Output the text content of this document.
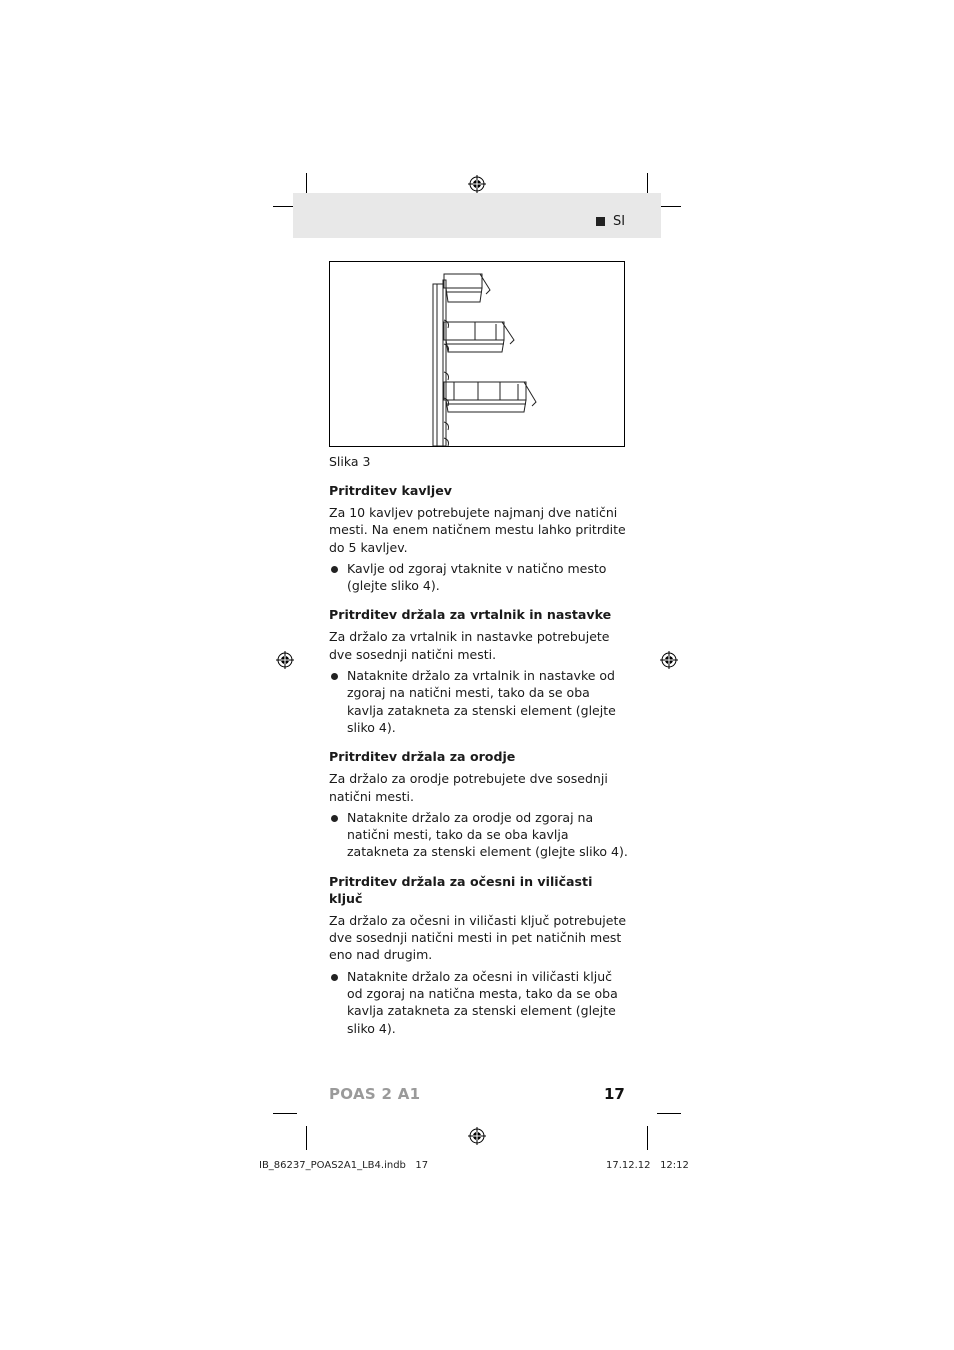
SI
Slika 3
Pritrditev kavljev

Za 10 kavljev potrebujete najmanj dve natični mesti. Na enem natičnem mestu lahko pritrdite do 5 kavljev.

Kavlje od zgoraj vtaknite v natično mesto (glejte sliko 4).
Pritrditev držala za vrtalnik in nastavke

Za držalo za vrtalnik in nastavke potrebujete dve sosednji natični mesti.

Nataknite držalo za vrtalnik in nastavke od zgoraj na natični mesti, tako da se oba kavlja zatakneta za stenski element (glejte sliko 4).
Pritrditev držala za orodje

Za držalo za orodje potrebujete dve sosednji natični mesti.

Nataknite držalo za orodje od zgoraj na natični mesti, tako da se oba kavlja zatakneta za stenski element (glejte sliko 4).
Pritrditev držala za očesni in viličasti ključ

Za držalo za očesni in viličasti ključ potrebujete dve sosednji natični mesti in pet natičnih mest eno nad drugim.

Nataknite držalo za očesni in viličasti ključ od zgoraj na natična mesta, tako da se oba kavlja zatakneta za stenski element (glejte sliko 4).
POAS 2 A1	17
IB_86237_POAS2A1_LB4.indb   17	17.12.12   12:12
